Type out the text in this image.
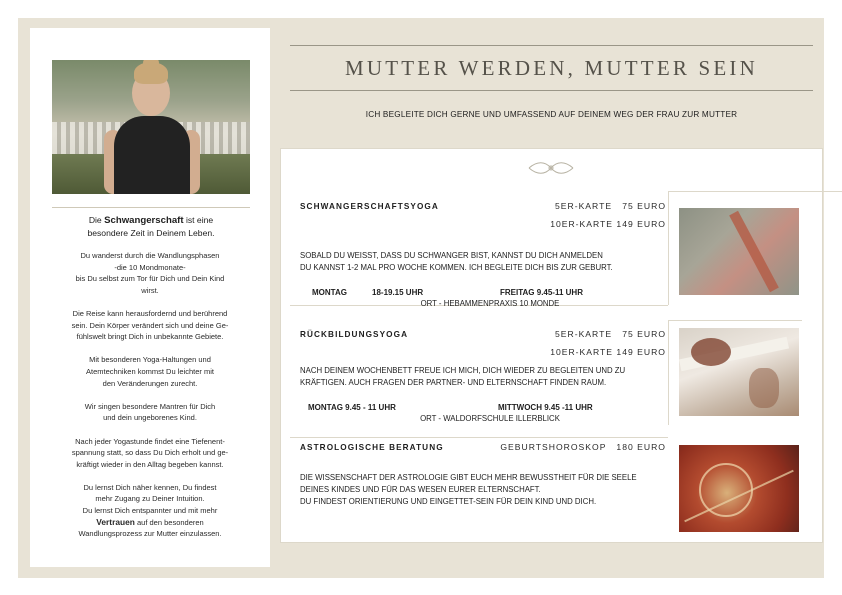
Die Schwangerschaft ist eine
besondere Zeit in Deinem Leben.

Du wanderst durch die Wandlungsphasen
-die 10 Mondmonate-
bis Du selbst zum Tor für Dich und Dein Kind
wirst.

Die Reise kann herausfordernd und berührend
sein. Dein Körper verändert sich und deine Ge-
fühlswelt bringt Dich in unbekannte Gebiete.

Mit besonderen Yoga-Haltungen und
Atemtechniken kommst Du leichter mit
den Veränderungen zurecht.

Wir singen besondere Mantren für Dich
und dein ungeborenes Kind.

Nach jeder Yogastunde findet eine Tiefenent-
spannung statt, so dass Du Dich erholt und ge-
kräftigt wieder in den Alltag begeben kannst.

Du lernst Dich näher kennen, Du findest
mehr Zugang zu Deiner Intuition.
Du lernst Dich entspannter und mit mehr
Vertrauen auf den besonderen
Wandlungsprozess zur Mutter einzulassen.
MUTTER WERDEN, MUTTER SEIN
ICH BEGLEITE DICH GERNE UND UMFASSEND AUF DEINEM WEG DER FRAU ZUR MUTTER
SCHWANGERSCHAFTSYOGA	5ER-KARTE   75 EURO
10ER-KARTE 149 EURO
SOBALD DU WEISST, DASS DU SCHWANGER BIST, KANNST DU DICH ANMELDEN
DU KANNST 1-2 MAL PRO WOCHE KOMMEN. ICH BEGLEITE DICH BIS ZUR GEBURT.
MONTAG	18-19.15 UHR	FREITAG 9.45-11 UHR
ORT - HEBAMMENPRAXIS 10 MONDE
RÜCKBILDUNGSYOGA	5ER-KARTE   75 EURO
10ER-KARTE 149 EURO
NACH DEINEM WOCHENBETT FREUE ICH MICH, DICH WIEDER ZU BEGLEITEN UND ZU
KRÄFTIGEN. AUCH FRAGEN DER PARTNER- UND ELTERNSCHAFT FINDEN RAUM.
MONTAG 9.45 - 11 UHR	MITTWOCH 9.45 -11 UHR
ORT - WALDORFSCHULE ILLERBLICK
ASTROLOGISCHE BERATUNG	GEBURTSHOROSKOP   180 EURO
DIE WISSENSCHAFT DER ASTROLOGIE GIBT EUCH MEHR BEWUSSTHEIT FÜR DIE SEELE
DEINES KINDES UND FÜR DAS WESEN EURER ELTERNSCHAFT.
DU FINDEST ORIENTIERUNG UND EINGETTET-SEIN FÜR DEIN KIND UND DICH.
